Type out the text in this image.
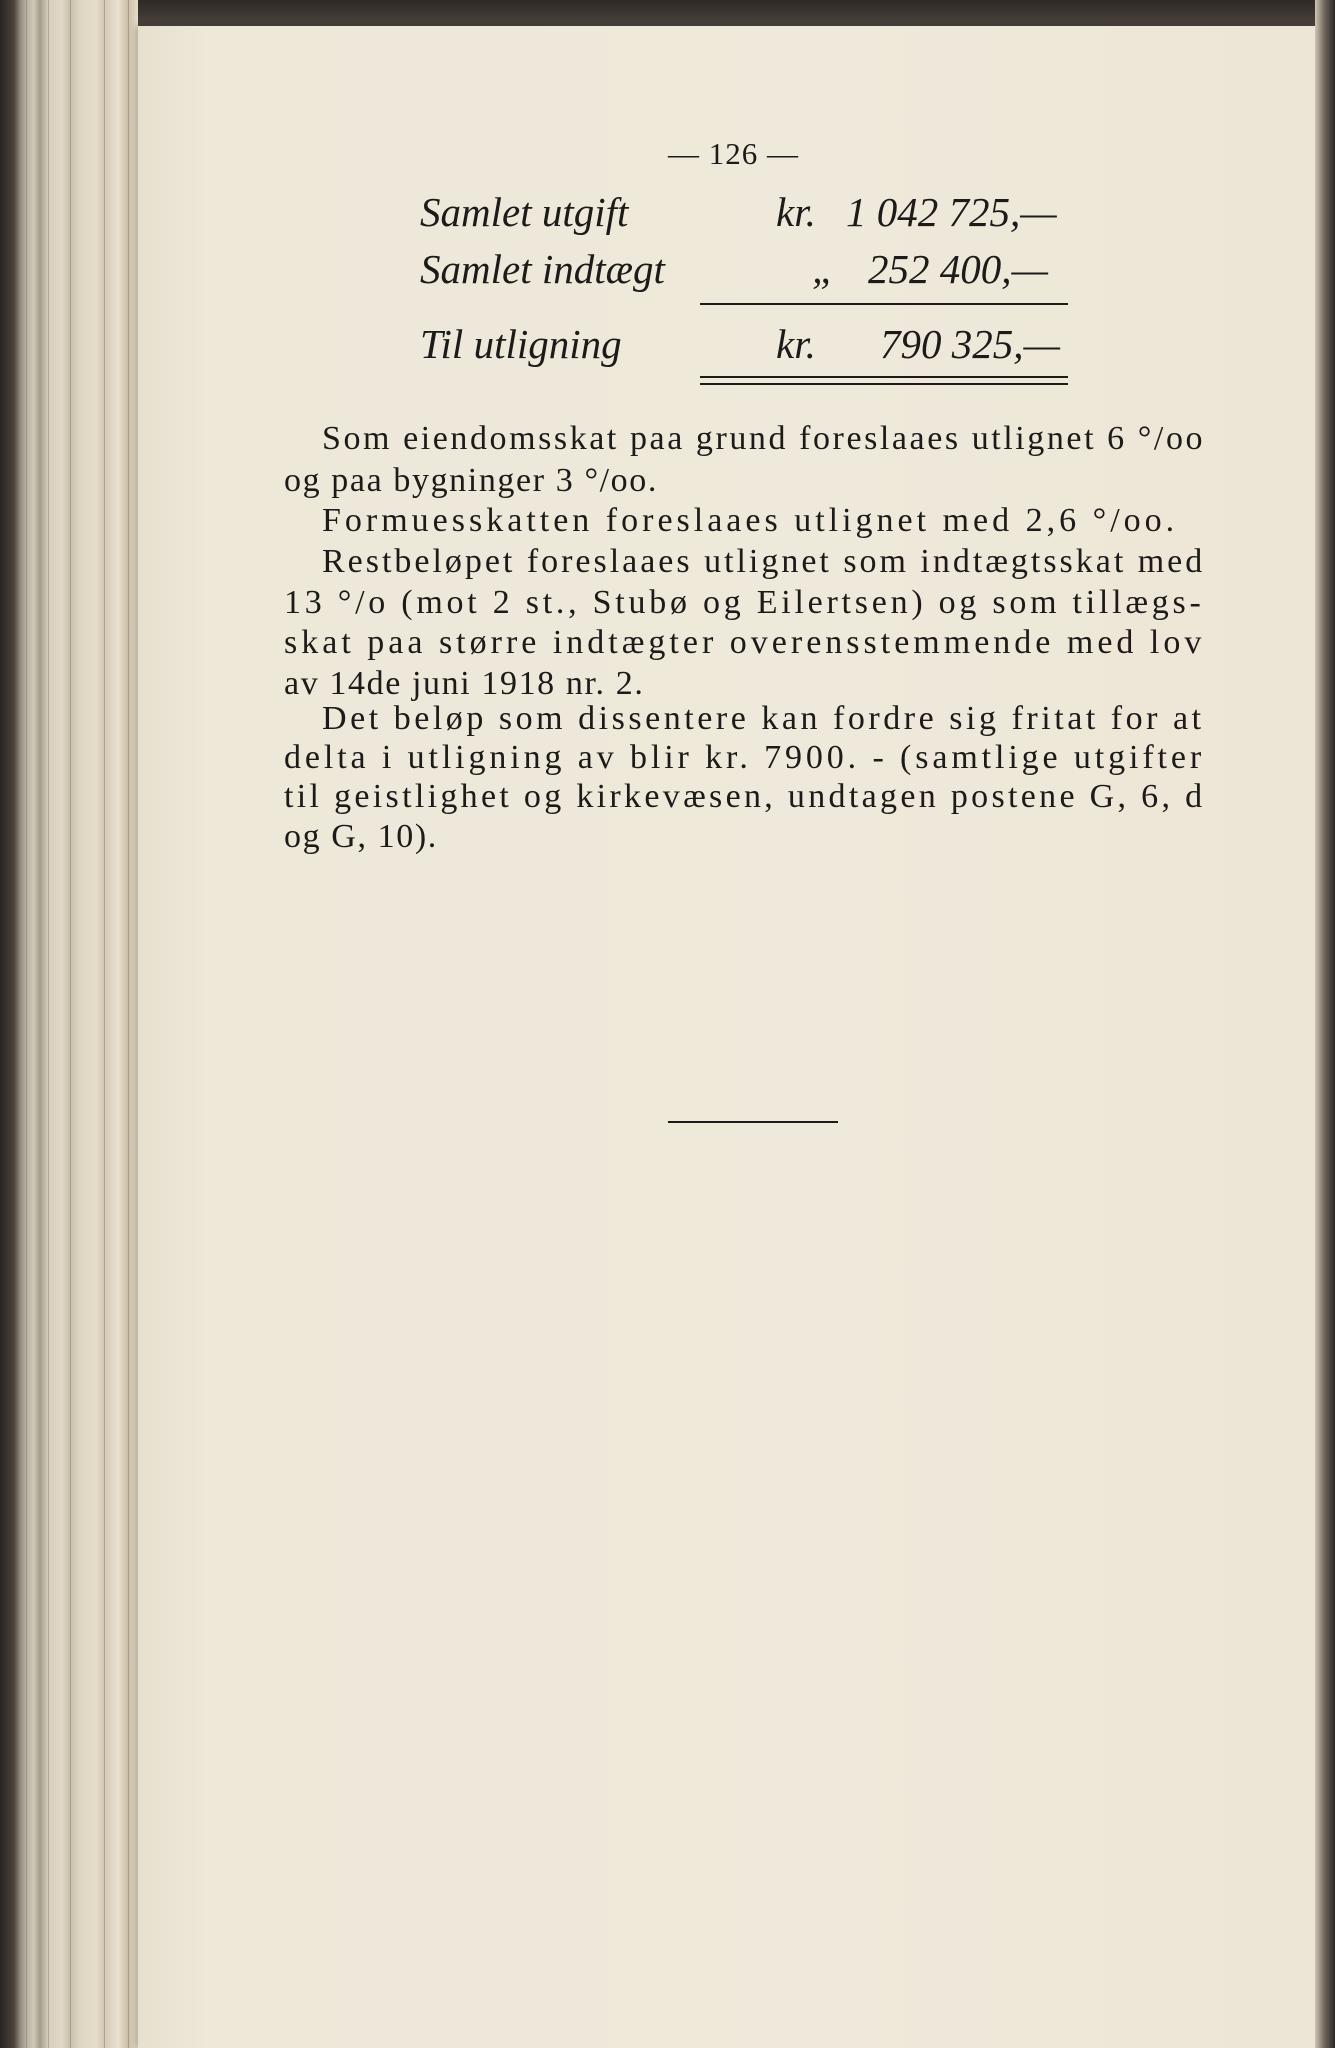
— 126 —
Samlet utgift	kr. 1 042 725,—
Samlet indtægt	„ 252 400,—
Til utligning	kr. 790 325,—
Som eiendomsskat paa grund foreslaaes utlignet 6 °/oo
og paa bygninger 3 °/oo.
Formuesskatten foreslaaes utlignet med 2,6 °/oo.
Restbeløpet foreslaaes utlignet som indtægtsskat med
13 °/o (mot 2 st., Stubø og Eilertsen) og som tillægs-
skat paa større indtægter overensstemmende med lov
av 14de juni 1918 nr. 2.
Det beløp som dissentere kan fordre sig fritat for at
delta i utligning av blir kr. 7900. - (samtlige utgifter
til geistlighet og kirkevæsen, undtagen postene G, 6, d
og G, 10).
